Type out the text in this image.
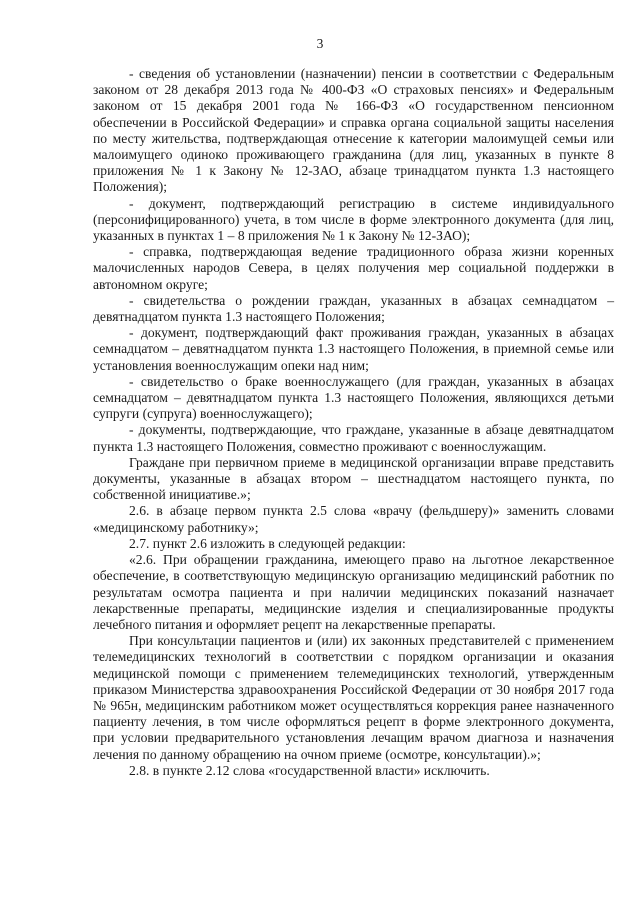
3

- сведения об установлении (назначении) пенсии в соответствии с Федеральным законом от 28 декабря 2013 года № 400-ФЗ «О страховых пенсиях» и Федеральным законом от 15 декабря 2001 года № 166-ФЗ «О государственном пенсионном обеспечении в Российской Федерации» и справка органа социальной защиты населения по месту жительства, подтверждающая отнесение к категории малоимущей семьи или малоимущего одиноко проживающего гражданина (для лиц, указанных в пункте 8 приложения № 1 к Закону № 12-ЗАО, абзаце тринадцатом пункта 1.3 настоящего Положения);

- документ, подтверждающий регистрацию в системе индивидуального (персонифицированного) учета, в том числе в форме электронного документа (для лиц, указанных в пунктах 1 – 8 приложения № 1 к Закону № 12-ЗАО);

- справка, подтверждающая ведение традиционного образа жизни коренных малочисленных народов Севера, в целях получения мер социальной поддержки в автономном округе;

- свидетельства о рождении граждан, указанных в абзацах семнадцатом – девятнадцатом пункта 1.3 настоящего Положения;

- документ, подтверждающий факт проживания граждан, указанных в абзацах семнадцатом – девятнадцатом пункта 1.3 настоящего Положения, в приемной семье или установления военнослужащим опеки над ним;

- свидетельство о браке военнослужащего (для граждан, указанных в абзацах семнадцатом – девятнадцатом пункта 1.3 настоящего Положения, являющихся детьми супруги (супруга) военнослужащего);

- документы, подтверждающие, что граждане, указанные в абзаце девятнадцатом пункта 1.3 настоящего Положения, совместно проживают с военнослужащим.

Граждане при первичном приеме в медицинской организации вправе представить документы, указанные в абзацах втором – шестнадцатом настоящего пункта, по собственной инициативе.»;

2.6. в абзаце первом пункта 2.5 слова «врачу (фельдшеру)» заменить словами «медицинскому работнику»;

2.7. пункт 2.6 изложить в следующей редакции:

«2.6. При обращении гражданина, имеющего право на льготное лекарственное обеспечение, в соответствующую медицинскую организацию медицинский работник по результатам осмотра пациента и при наличии медицинских показаний назначает лекарственные препараты, медицинские изделия и специализированные продукты лечебного питания и оформляет рецепт на лекарственные препараты.

При консультации пациентов и (или) их законных представителей с применением телемедицинских технологий в соответствии с порядком организации и оказания медицинской помощи с применением телемедицинских технологий, утвержденным приказом Министерства здравоохранения Российской Федерации от 30 ноября 2017 года № 965н, медицинским работником может осуществляться коррекция ранее назначенного пациенту лечения, в том числе оформляться рецепт в форме электронного документа, при условии предварительного установления лечащим врачом диагноза и назначения лечения по данному обращению на очном приеме (осмотре, консультации).»;

2.8. в пункте 2.12 слова «государственной власти» исключить.
